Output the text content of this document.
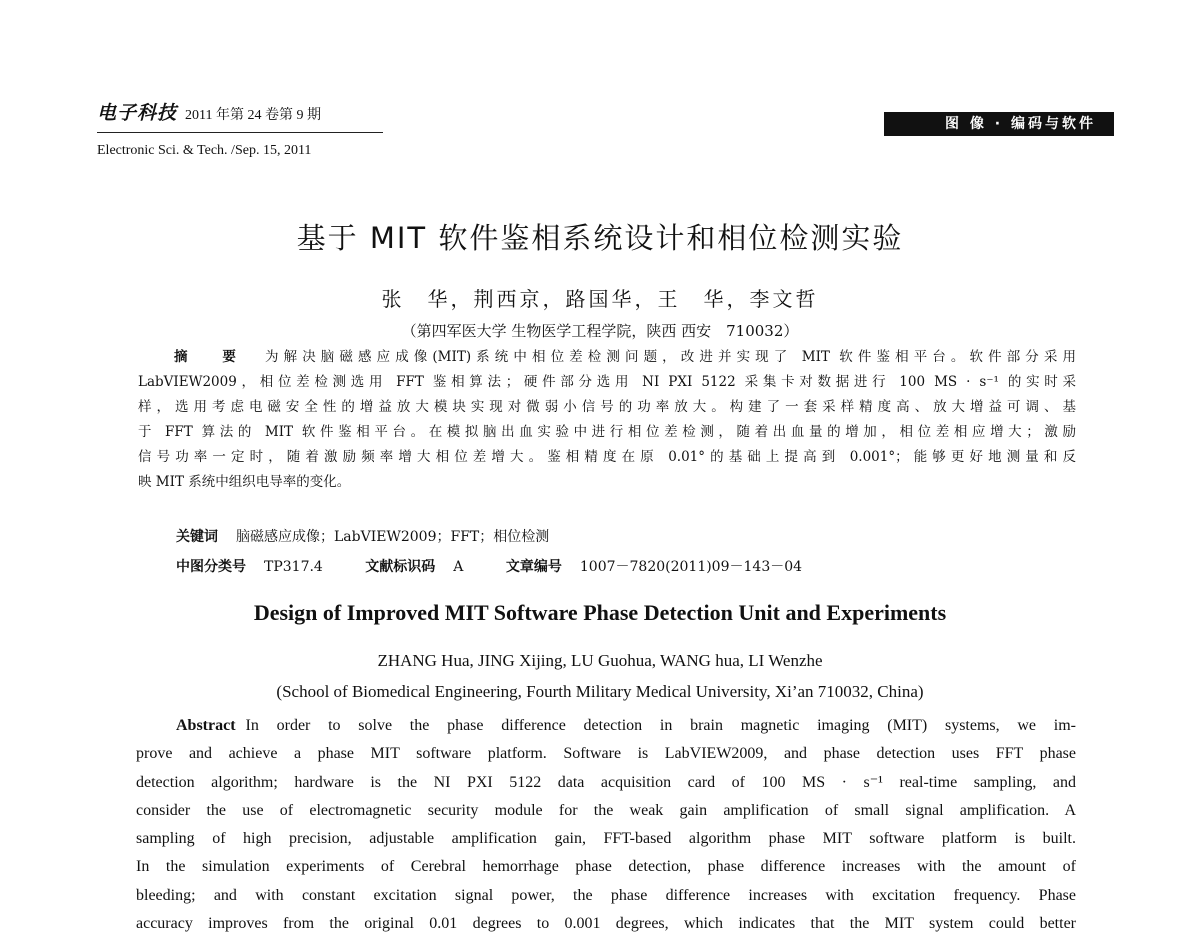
电子科技 2011 年第 24 卷第 9 期
Electronic Sci. & Tech. /Sep. 15, 2011
图 像 · 编码与软件
基于 MIT 软件鉴相系统设计和相位检测实验
张　华，荆西京，路国华，王　华，李文哲
（第四军医大学 生物医学工程学院，陕西 西安　710032）
摘 要 为解决脑磁感应成像(MIT)系统中相位差检测问题，改进并实现了 MIT 软件鉴相平台。软件部分采用
LabVIEW2009，相位差检测选用 FFT 鉴相算法；硬件部分选用 NI PXI 5122 采集卡对数据进行 100 MS · s⁻¹ 的实时采
样，选用考虑电磁安全性的增益放大模块实现对微弱小信号的功率放大。构建了一套采样精度高、放大增益可调、基
于 FFT 算法的 MIT 软件鉴相平台。在模拟脑出血实验中进行相位差检测，随着出血量的增加，相位差相应增大；激励
信号功率一定时，随着激励频率增大相位差增大。鉴相精度在原 0.01°的基础上提高到 0.001°；能够更好地测量和反
映 MIT 系统中组织电导率的变化。
关键词 脑磁感应成像；LabVIEW2009；FFT；相位检测
中图分类号 TP317.4	文献标识码 A	文章编号 1007－7820(2011)09－143－04
Design of Improved MIT Software Phase Detection Unit and Experiments
ZHANG Hua, JING Xijing, LU Guohua, WANG hua, LI Wenzhe
(School of Biomedical Engineering, Fourth Military Medical University, Xi’an 710032, China)
Abstract In order to solve the phase difference detection in brain magnetic imaging (MIT) systems, we im-
prove and achieve a phase MIT software platform. Software is LabVIEW2009, and phase detection uses FFT phase
detection algorithm; hardware is the NI PXI 5122 data acquisition card of 100 MS · s⁻¹ real-time sampling, and
consider the use of electromagnetic security module for the weak gain amplification of small signal amplification. A
sampling of high precision, adjustable amplification gain, FFT-based algorithm phase MIT software platform is built.
In the simulation experiments of Cerebral hemorrhage phase detection, phase difference increases with the amount of
bleeding; and with constant excitation signal power, the phase difference increases with excitation frequency. Phase
accuracy improves from the original 0.01 degrees to 0.001 degrees, which indicates that the MIT system could better
